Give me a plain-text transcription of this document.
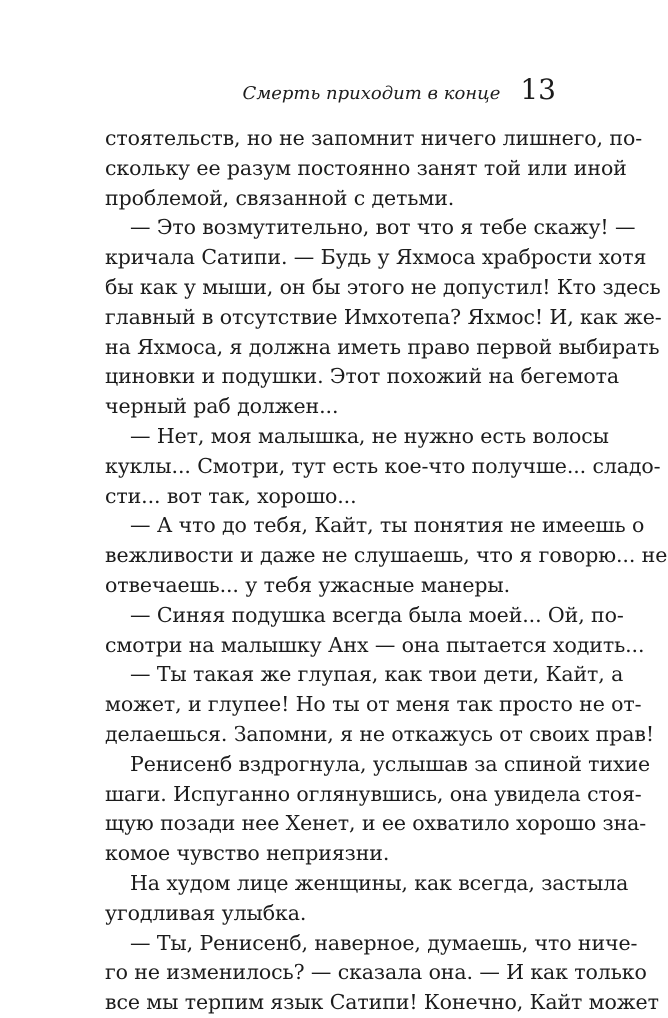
Смерть приходит в конце 13
стоятельств, но не запомнит ничего лишнего, по-
скольку ее разум постоянно занят той или иной
проблемой, связанной с детьми.
— Это возмутительно, вот что я тебе скажу! —
кричала Сатипи. — Будь у Яхмоса храбрости хотя
бы как у мыши, он бы этого не допустил! Кто здесь
главный в отсутствие Имхотепа? Яхмос! И, как же-
на Яхмоса, я должна иметь право первой выбирать
циновки и подушки. Этот похожий на бегемота
черный раб должен...
— Нет, моя малышка, не нужно есть волосы
куклы... Смотри, тут есть кое-что получше... сладо-
сти... вот так, хорошо...
— А что до тебя, Кайт, ты понятия не имеешь о
вежливости и даже не слушаешь, что я говорю... не
отвечаешь... у тебя ужасные манеры.
— Синяя подушка всегда была моей... Ой, по-
смотри на малышку Анх — она пытается ходить...
— Ты такая же глупая, как твои дети, Кайт, а
может, и глупее! Но ты от меня так просто не от-
делаешься. Запомни, я не откажусь от своих прав!
Ренисенб вздрогнула, услышав за спиной тихие
шаги. Испуганно оглянувшись, она увидела стоя-
щую позади нее Хенет, и ее охватило хорошо зна-
комое чувство неприязни.
На худом лице женщины, как всегда, застыла
угодливая улыбка.
— Ты, Ренисенб, наверное, думаешь, что ниче-
го не изменилось? — сказала она. — И как только
все мы терпим язык Сатипи! Конечно, Кайт может
